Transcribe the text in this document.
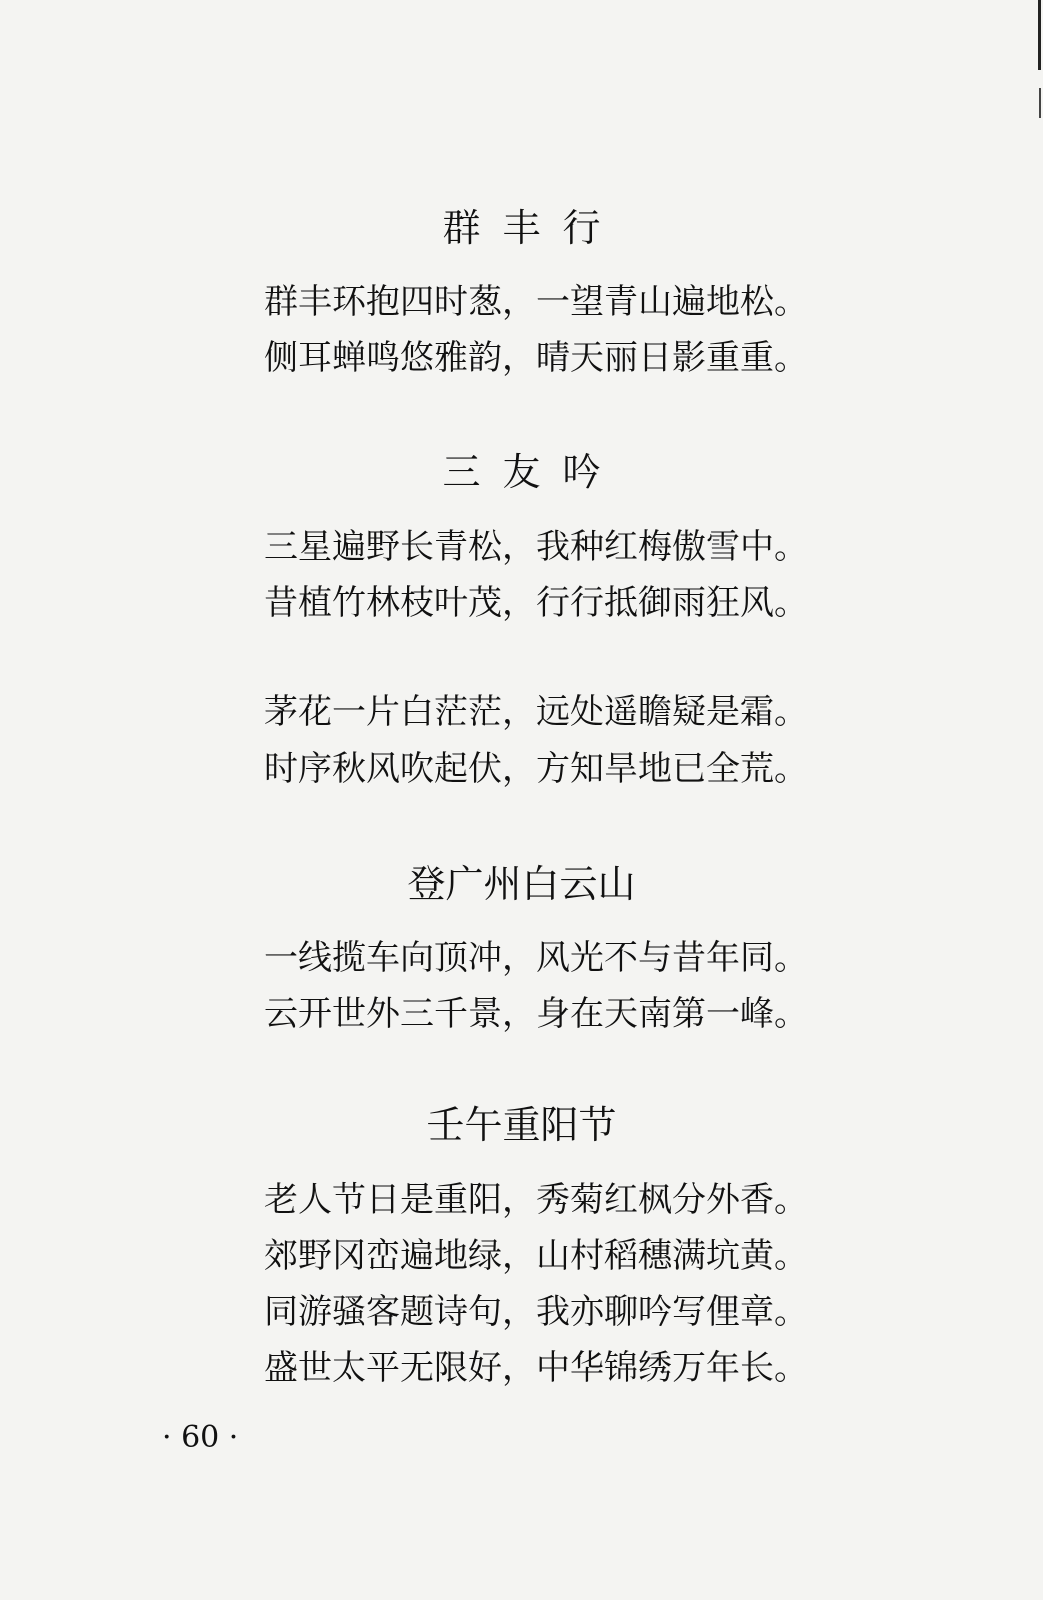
群丰行
群丰环抱四时葱，一望青山遍地松。
侧耳蝉鸣悠雅韵，晴天丽日影重重。
三友吟
三星遍野长青松，我种红梅傲雪中。
昔植竹林枝叶茂，行行抵御雨狂风。
茅花一片白茫茫，远处遥瞻疑是霜。
时序秋风吹起伏，方知旱地已全荒。
登广州白云山
一线揽车向顶冲，风光不与昔年同。
云开世外三千景，身在天南第一峰。
壬午重阳节
老人节日是重阳，秀菊红枫分外香。
郊野冈峦遍地绿，山村稻穗满坑黄。
同游骚客题诗句，我亦聊吟写俚章。
盛世太平无限好，中华锦绣万年长。
· 60 ·
